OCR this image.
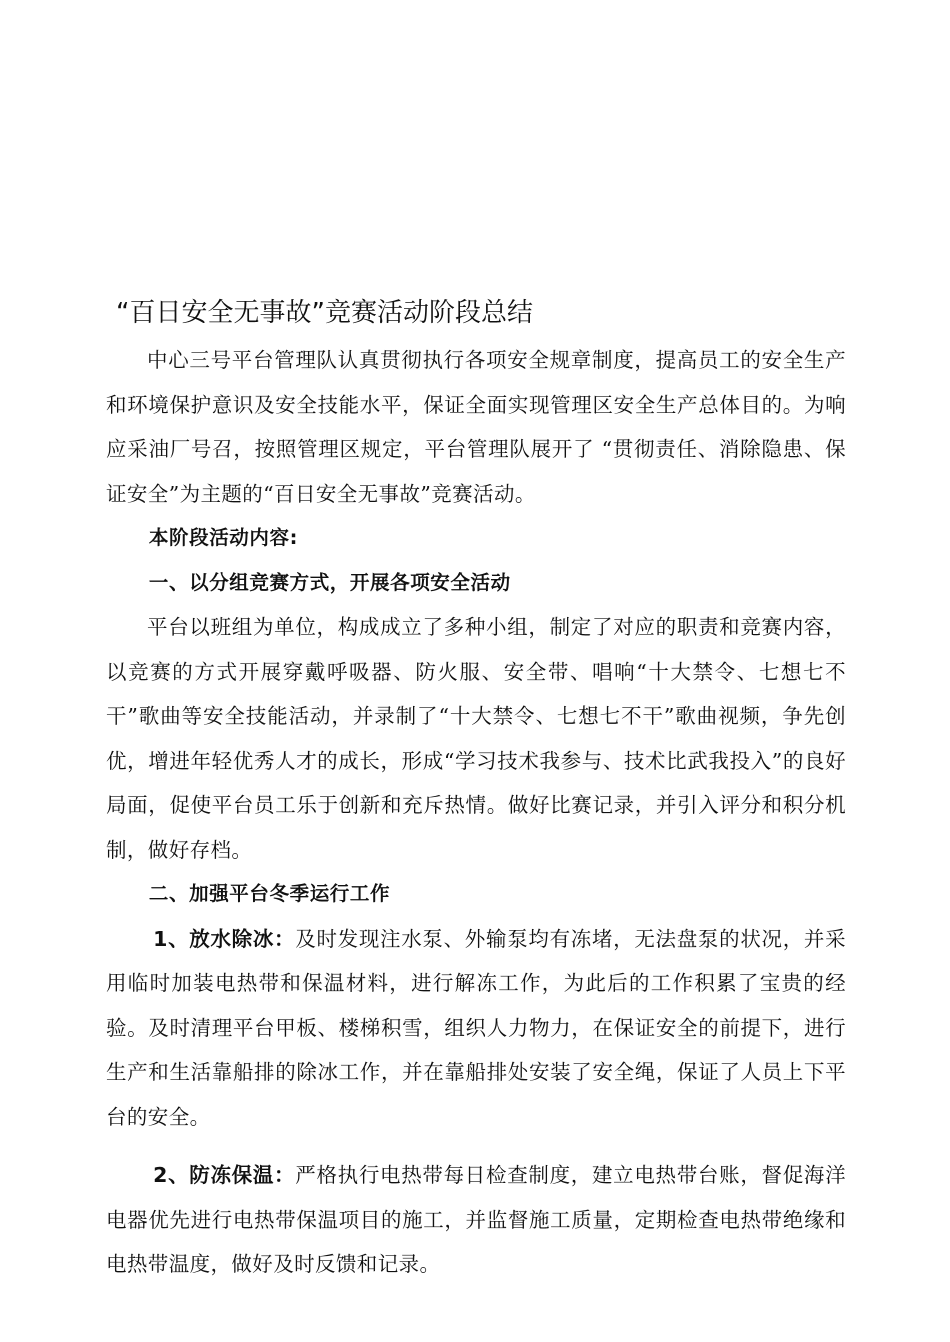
“百日安全无事故”竞赛活动阶段总结

中心三号平台管理队认真贯彻执行各项安全规章制度，提高员工的安全生产和环境保护意识及安全技能水平，保证全面实现管理区安全生产总体目的。为响应采油厂号召，按照管理区规定，平台管理队展开了 “贯彻责任、消除隐患、保证安全”为主题的“百日安全无事故”竞赛活动。

本阶段活动内容:

一、以分组竞赛方式，开展各项安全活动

平台以班组为单位，构成成立了多种小组，制定了对应的职责和竞赛内容，以竞赛的方式开展穿戴呼吸器、防火服、安全带、唱响“十大禁令、七想七不干”歌曲等安全技能活动，并录制了“十大禁令、七想七不干”歌曲视频，争先创优，增进年轻优秀人才的成长，形成“学习技术我参与、技术比武我投入”的良好局面，促使平台员工乐于创新和充斥热情。做好比赛记录，并引入评分和积分机制，做好存档。

二、加强平台冬季运行工作

1、放水除冰：及时发现注水泵、外输泵均有冻堵，无法盘泵的状况，并采用临时加装电热带和保温材料，进行解冻工作，为此后的工作积累了宝贵的经验。及时清理平台甲板、楼梯积雪，组织人力物力，在保证安全的前提下，进行生产和生活靠船排的除冰工作，并在靠船排处安装了安全绳，保证了人员上下平台的安全。

2、防冻保温：严格执行电热带每日检查制度，建立电热带台账，督促海洋电器优先进行电热带保温项目的施工，并监督施工质量，定期检查电热带绝缘和电热带温度，做好及时反馈和记录。
